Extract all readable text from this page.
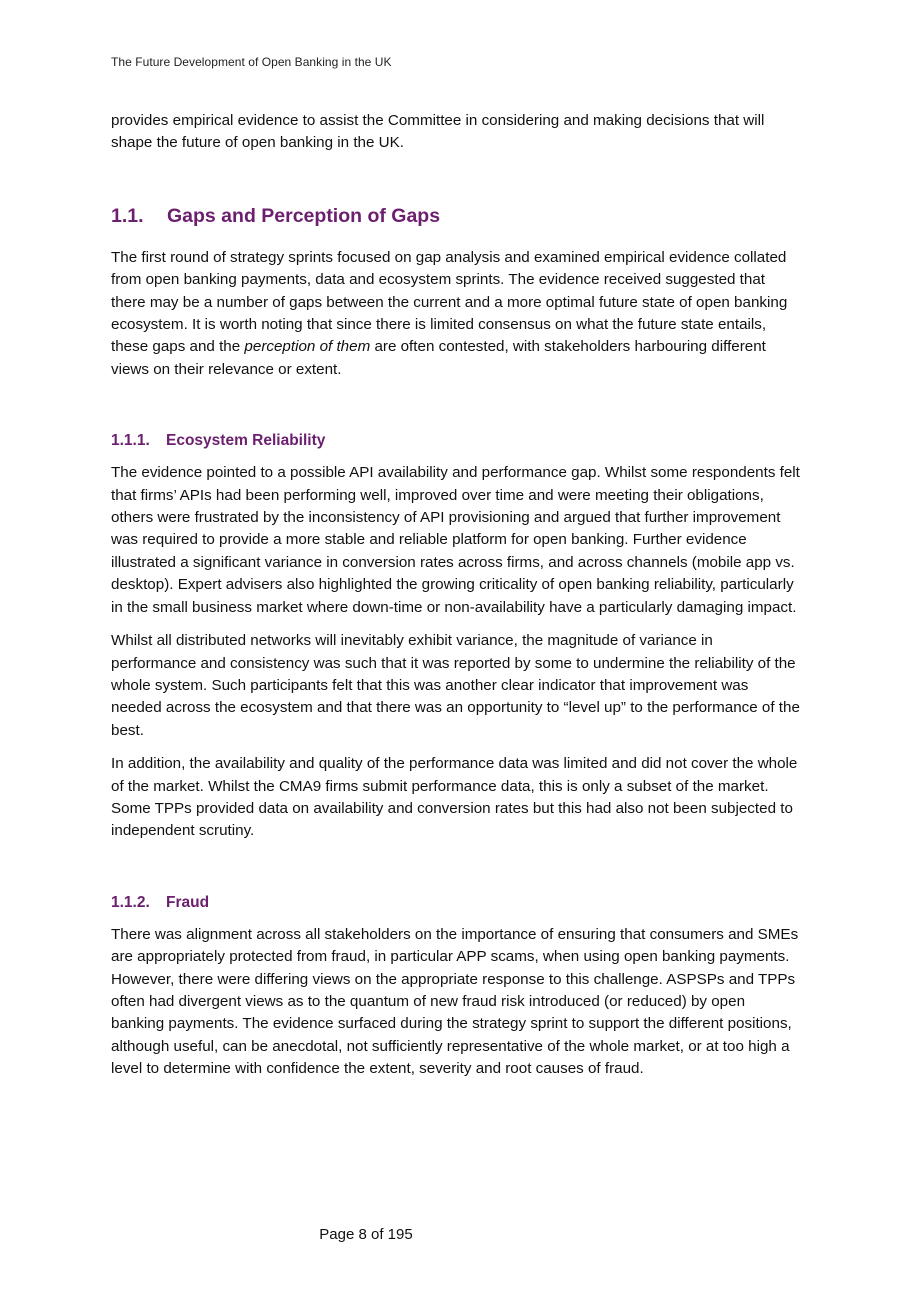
The Future Development of Open Banking in the UK

provides empirical evidence to assist the Committee in considering and making decisions that will shape the future of open banking in the UK.

1.1.	Gaps and Perception of Gaps

The first round of strategy sprints focused on gap analysis and examined empirical evidence collated from open banking payments, data and ecosystem sprints. The evidence received suggested that there may be a number of gaps between the current and a more optimal future state of open banking ecosystem. It is worth noting that since there is limited consensus on what the future state entails, these gaps and the perception of them are often contested, with stakeholders harbouring different views on their relevance or extent.

1.1.1.	Ecosystem Reliability

The evidence pointed to a possible API availability and performance gap. Whilst some respondents felt that firms’ APIs had been performing well, improved over time and were meeting their obligations, others were frustrated by the inconsistency of API provisioning and argued that further improvement was required to provide a more stable and reliable platform for open banking. Further evidence illustrated a significant variance in conversion rates across firms, and across channels (mobile app vs. desktop). Expert advisers also highlighted the growing criticality of open banking reliability, particularly in the small business market where down-time or non-availability have a particularly damaging impact.

Whilst all distributed networks will inevitably exhibit variance, the magnitude of variance in performance and consistency was such that it was reported by some to undermine the reliability of the whole system. Such participants felt that this was another clear indicator that improvement was needed across the ecosystem and that there was an opportunity to “level up” to the performance of the best.

In addition, the availability and quality of the performance data was limited and did not cover the whole of the market. Whilst the CMA9 firms submit performance data, this is only a subset of the market. Some TPPs provided data on availability and conversion rates but this had also not been subjected to independent scrutiny.

1.1.2.	Fraud

There was alignment across all stakeholders on the importance of ensuring that consumers and SMEs are appropriately protected from fraud, in particular APP scams, when using open banking payments. However, there were differing views on the appropriate response to this challenge. ASPSPs and TPPs often had divergent views as to the quantum of new fraud risk introduced (or reduced) by open banking payments. The evidence surfaced during the strategy sprint to support the different positions, although useful, can be anecdotal, not sufficiently representative of the whole market, or at too high a level to determine with confidence the extent, severity and root causes of fraud.

Page 8 of 195
